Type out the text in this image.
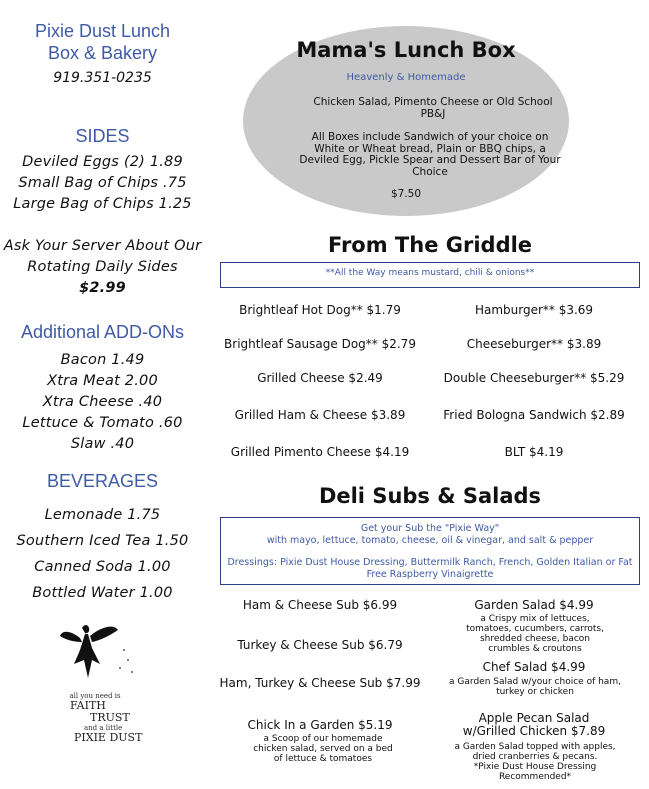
Pixie Dust Lunch
Box & Bakery
919.351-0235
SIDES
Deviled Eggs (2) 1.89
Small Bag of Chips .75
Large Bag of Chips 1.25
Ask Your Server About Our
Rotating Daily Sides
$2.99
Additional ADD-ONs
Bacon 1.49
Xtra Meat 2.00
Xtra Cheese .40
Lettuce & Tomato .60
Slaw .40
BEVERAGES
Lemonade 1.75
Southern Iced Tea 1.50
Canned Soda 1.00
Bottled Water 1.00
all you need is
FAITH
TRUST
and a little
PIXIE DUST
Mama's Lunch Box
Heavenly & Homemade
Chicken Salad, Pimento Cheese or Old School PB&J
All Boxes include Sandwich of your choice on White or Wheat bread, Plain or BBQ chips, a Deviled Egg, Pickle Spear and Dessert Bar of Your Choice
$7.50
From The Griddle
**All the Way means mustard, chili & onions**
Brightleaf Hot Dog** $1.79
Brightleaf Sausage Dog** $2.79
Grilled Cheese $2.49
Grilled Ham & Cheese $3.89
Grilled Pimento Cheese $4.19
Hamburger** $3.69
Cheeseburger** $3.89
Double Cheeseburger** $5.29
Fried Bologna Sandwich $2.89
BLT $4.19
Deli Subs & Salads
Get your Sub the "Pixie Way"
with mayo, lettuce, tomato, cheese, oil & vinegar, and salt & pepper
Dressings: Pixie Dust House Dressing, Buttermilk Ranch, French, Golden Italian or Fat Free Raspberry Vinaigrette
Ham & Cheese Sub $6.99
Turkey & Cheese Sub $6.79
Ham, Turkey & Cheese Sub $7.99
Chick In a Garden $5.19
a Scoop of our homemade chicken salad, served on a bed of lettuce & tomatoes
Garden Salad $4.99
a Crispy mix of lettuces, tomatoes, cucumbers, carrots, shredded cheese, bacon crumbles & croutons
Chef Salad $4.99
a Garden Salad w/your choice of ham, turkey or chicken
Apple Pecan Salad
w/Grilled Chicken $7.89
a Garden Salad topped with apples, dried cranberries & pecans.
*Pixie Dust House Dressing Recommended*
